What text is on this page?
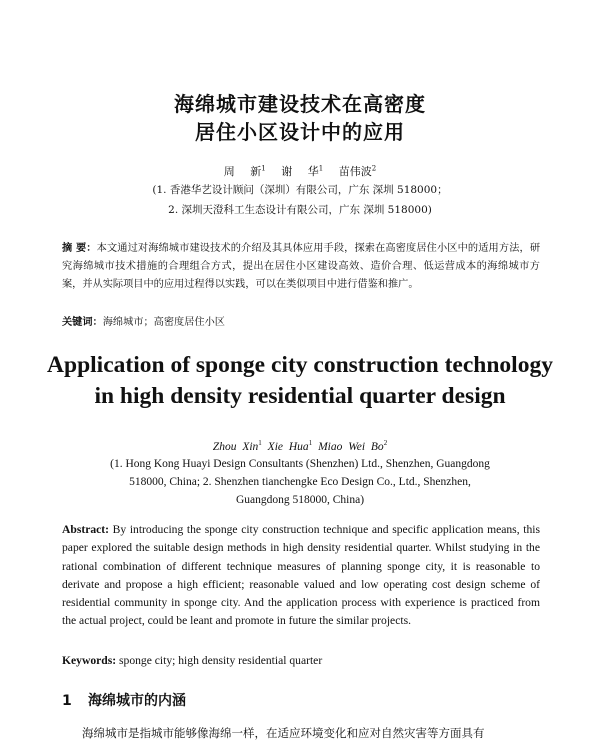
海绵城市建设技术在高密度
居住小区设计中的应用
周 新$^1$ 谢 华$^1$ 苗伟波$^2$
(1. 香港华艺设计顾问（深圳）有限公司，广东 深圳 518000；
2. 深圳天澄科工生态设计有限公司，广东 深圳 518000)
摘 要：本文通过对海绵城市建设技术的介绍及其具体应用手段，探索在高密度居住小区中的适用方法，研究海绵城市技术措施的合理组合方式，提出在居住小区建设高效、造价合理、低运营成本的海绵城市方案，并从实际项目中的应用过程得以实践，可以在类似项目中进行借鉴和推广。
关键词：海绵城市；高密度居住小区
Application of sponge city construction technology
in high density residential quarter design
Zhou Xin$^1$ Xie Hua$^1$ Miao Wei Bo$^2$
(1. Hong Kong Huayi Design Consultants (Shenzhen) Ltd., Shenzhen, Guangdong
518000, China; 2. Shenzhen tianchengke Eco Design Co., Ltd., Shenzhen,
Guangdong 518000, China)
Abstract: By introducing the sponge city construction technique and specific application means, this paper explored the suitable design methods in high density residential quarter. Whilst studying in the rational combination of different technique measures of planning sponge city, it is reasonable to derivate and propose a high efficient; reasonable valued and low operating cost design scheme of residential community in sponge city. And the application process with experience is practiced from the actual project, could be leant and promote in future the similar projects.
Keywords: sponge city; high density residential quarter
1 海绵城市的内涵
海绵城市是指城市能够像海绵一样，在适应环境变化和应对自然灾害等方面具有
